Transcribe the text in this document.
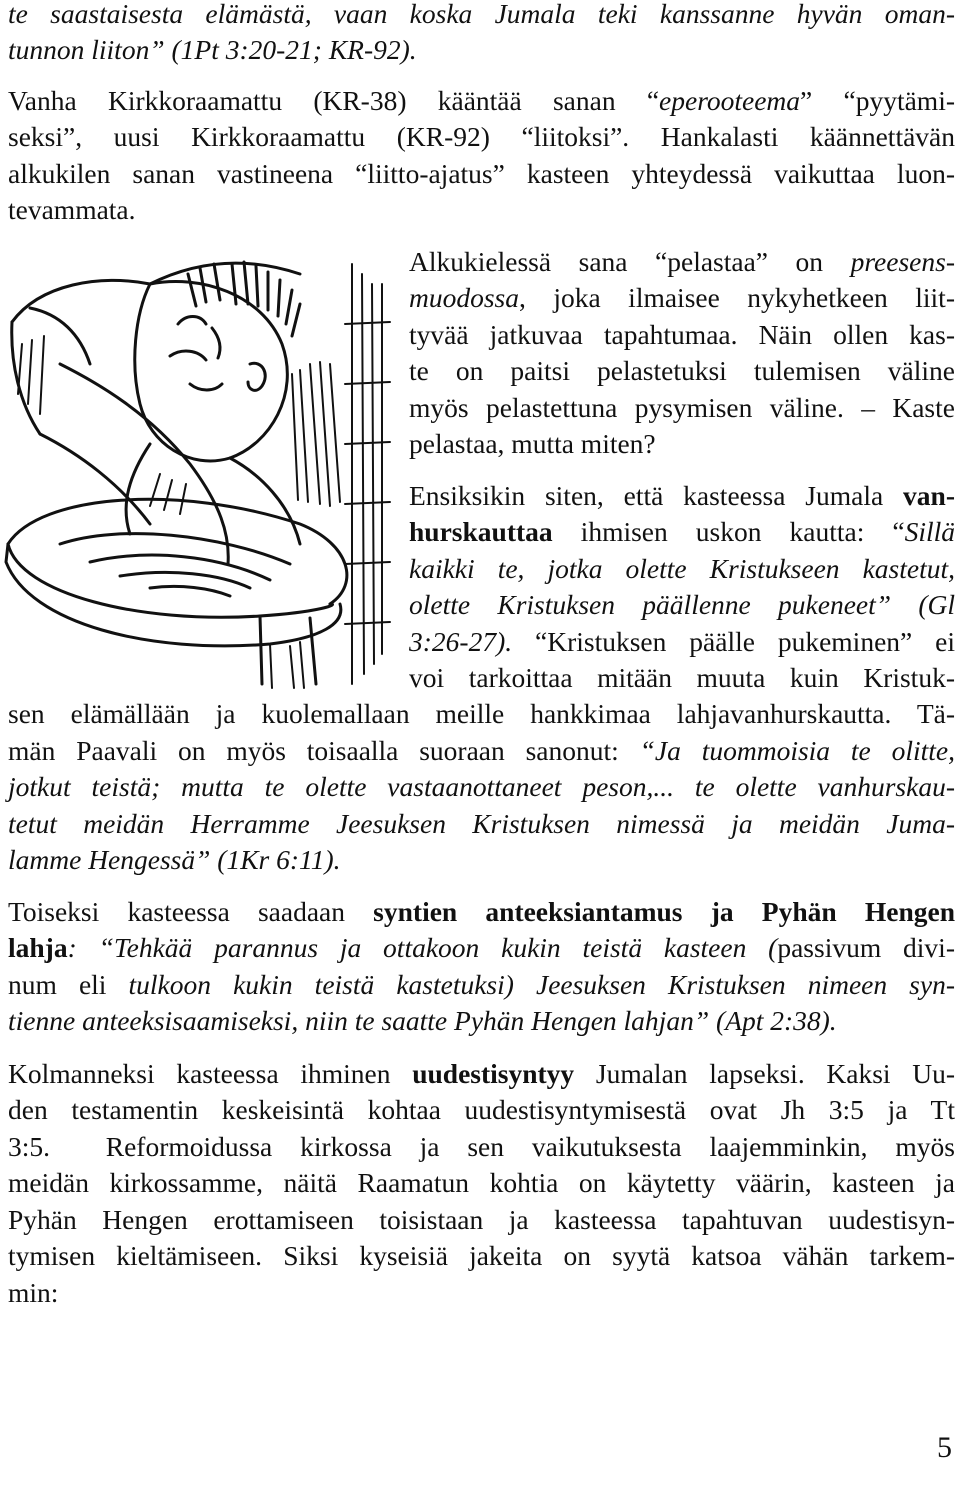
te saastaisesta elämästä, vaan koska Jumala teki kanssanne hyvän oman-
tunnon liiton” (1Pt 3:20-21; KR-92).
Vanha Kirkkoraamattu (KR-38) kääntää sanan “eperooteema” “pyytämi-
seksi”, uusi Kirkkoraamattu (KR-92) “liitoksi”. Hankalasti käännettävän
alkukilen sanan vastineena “liitto-ajatus” kasteen yhteydessä vaikuttaa luon-
tevammata.
Alkukielessä sana “pelastaa” on preesens-
muodossa, joka ilmaisee nykyhetkeen liit-
tyvää jatkuvaa tapahtumaa. Näin ollen kas-
te on paitsi pelastetuksi tulemisen väline
myös pelastettuna pysymisen väline. – Kaste
pelastaa, mutta miten?
Ensiksikin siten, että kasteessa Jumala van-
hurskauttaa ihmisen uskon kautta: “Sillä
kaikki te, jotka olette Kristukseen kastetut,
olette Kristuksen päällenne pukeneet” (Gl
3:26-27). “Kristuksen päälle pukeminen” ei
voi tarkoittaa mitään muuta kuin Kristuk-
sen elämällään ja kuolemallaan meille hankkimaa lahjavanhurskautta. Tä-
män Paavali on myös toisaalla suoraan sanonut: “Ja tuommoisia te olitte,
jotkut teistä; mutta te olette vastaanottaneet peson,... te olette vanhurskau-
tetut meidän Herramme Jeesuksen Kristuksen nimessä ja meidän Juma-
lamme Hengessä” (1Kr 6:11).
Toiseksi kasteessa saadaan syntien anteeksiantamus ja Pyhän Hengen
lahja: “Tehkää parannus ja ottakoon kukin teistä kasteen (passivum divi-
num eli tulkoon kukin teistä kastetuksi) Jeesuksen Kristuksen nimeen syn-
tienne anteeksisaamiseksi, niin te saatte Pyhän Hengen lahjan” (Apt 2:38).
Kolmanneksi kasteessa ihminen uudestisyntyy Jumalan lapseksi. Kaksi Uu-
den testamentin keskeisintä kohtaa uudestisyntymisestä ovat Jh 3:5 ja Tt
3:5.  Reformoidussa kirkossa ja sen vaikutuksesta laajemminkin, myös
meidän kirkossamme, näitä Raamatun kohtia on käytetty väärin, kasteen ja
Pyhän Hengen erottamiseen toisistaan ja kasteessa tapahtuvan uudestisyn-
tymisen kieltämiseen. Siksi kyseisiä jakeita on syytä katsoa vähän tarkem-
min:
5
